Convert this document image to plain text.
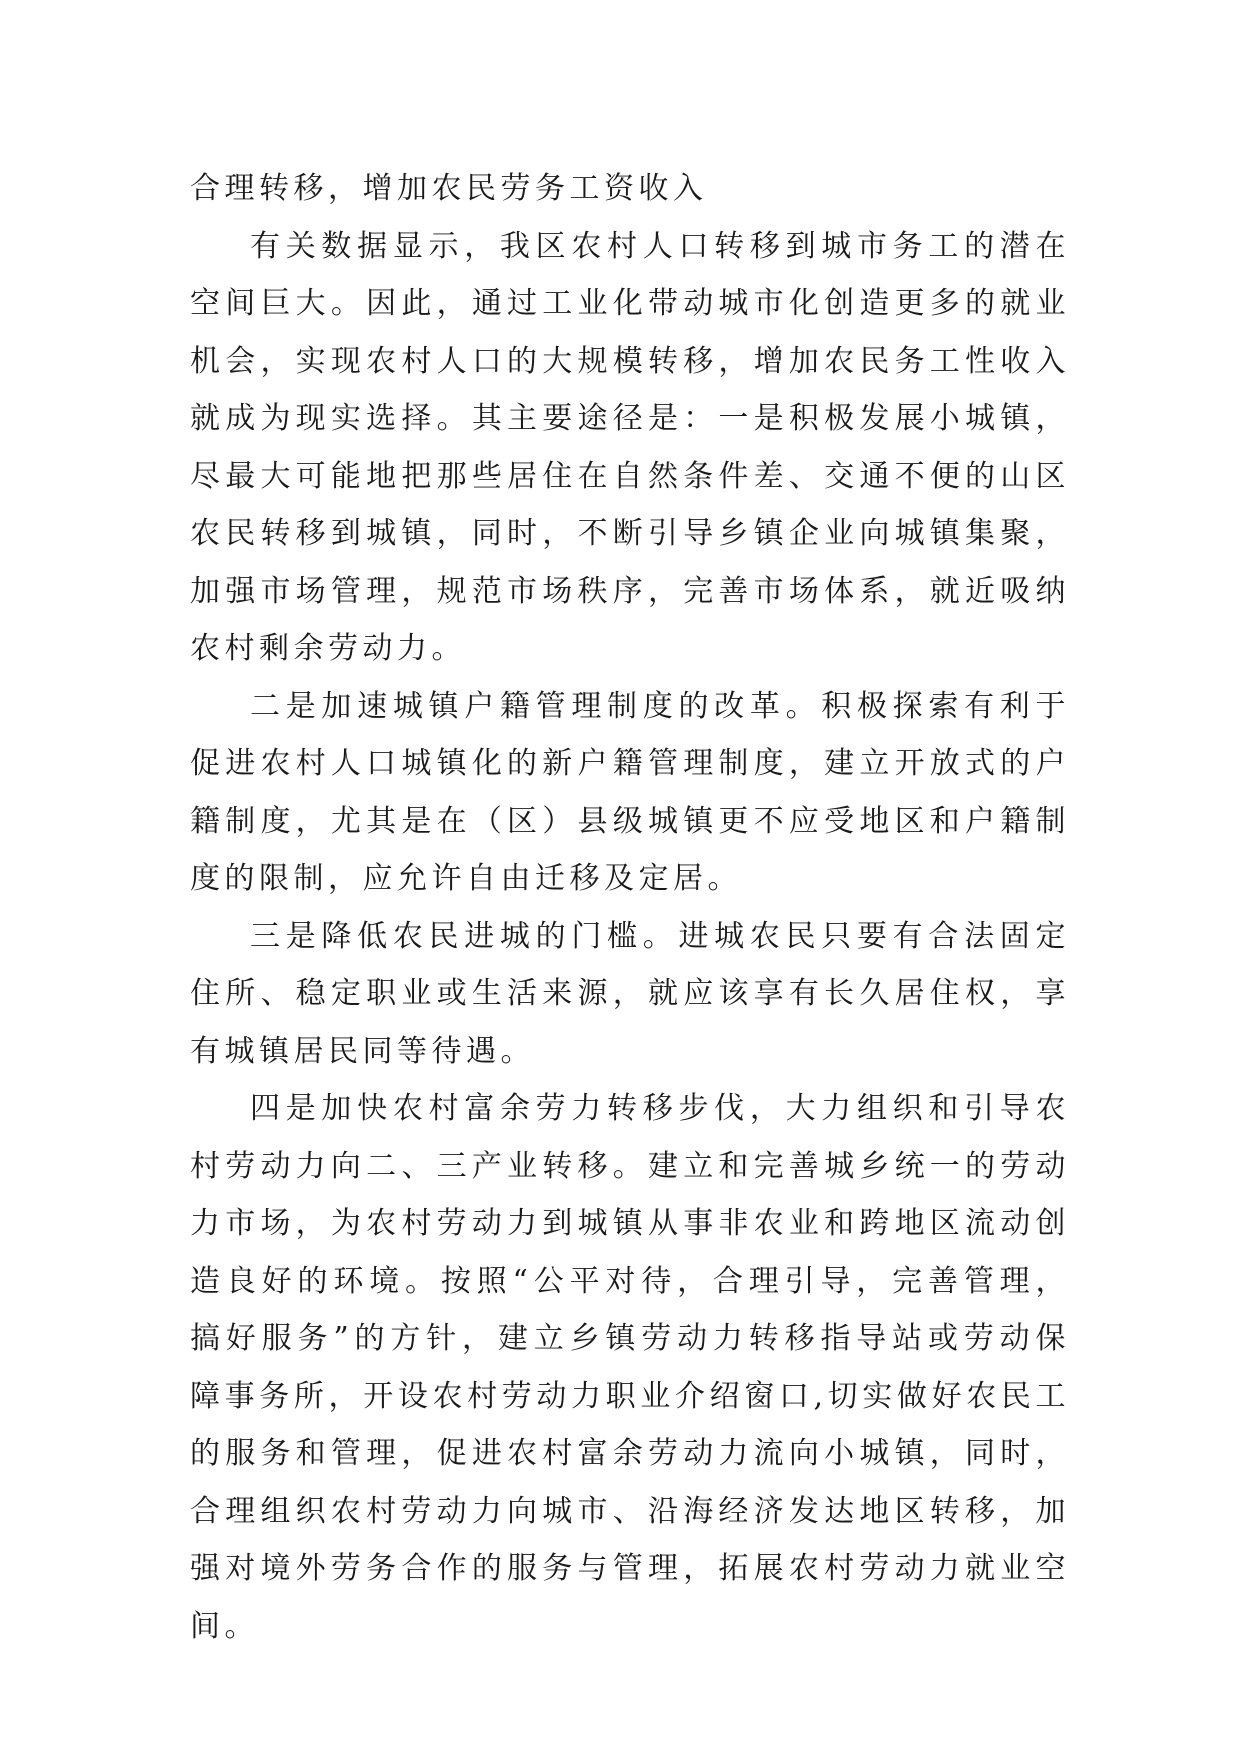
合理转移，增加农民劳务工资收入

有关数据显示，我区农村人口转移到城市务工的潜在空间巨大。因此，通过工业化带动城市化创造更多的就业机会，实现农村人口的大规模转移，增加农民务工性收入就成为现实选择。其主要途径是：一是积极发展小城镇，尽最大可能地把那些居住在自然条件差、交通不便的山区农民转移到城镇，同时，不断引导乡镇企业向城镇集聚，加强市场管理，规范市场秩序，完善市场体系，就近吸纳农村剩余劳动力。

二是加速城镇户籍管理制度的改革。积极探索有利于促进农村人口城镇化的新户籍管理制度，建立开放式的户籍制度，尤其是在（区）县级城镇更不应受地区和户籍制度的限制，应允许自由迁移及定居。

三是降低农民进城的门槛。进城农民只要有合法固定住所、稳定职业或生活来源，就应该享有长久居住权，享有城镇居民同等待遇。

四是加快农村富余劳力转移步伐，大力组织和引导农村劳动力向二、三产业转移。建立和完善城乡统一的劳动力市场，为农村劳动力到城镇从事非农业和跨地区流动创造良好的环境。按照“公平对待，合理引导，完善管理，搞好服务”的方针，建立乡镇劳动力转移指导站或劳动保障事务所，开设农村劳动力职业介绍窗口,切实做好农民工的服务和管理，促进农村富余劳动力流向小城镇，同时，合理组织农村劳动力向城市、沿海经济发达地区转移，加强对境外劳务合作的服务与管理，拓展农村劳动力就业空间。
